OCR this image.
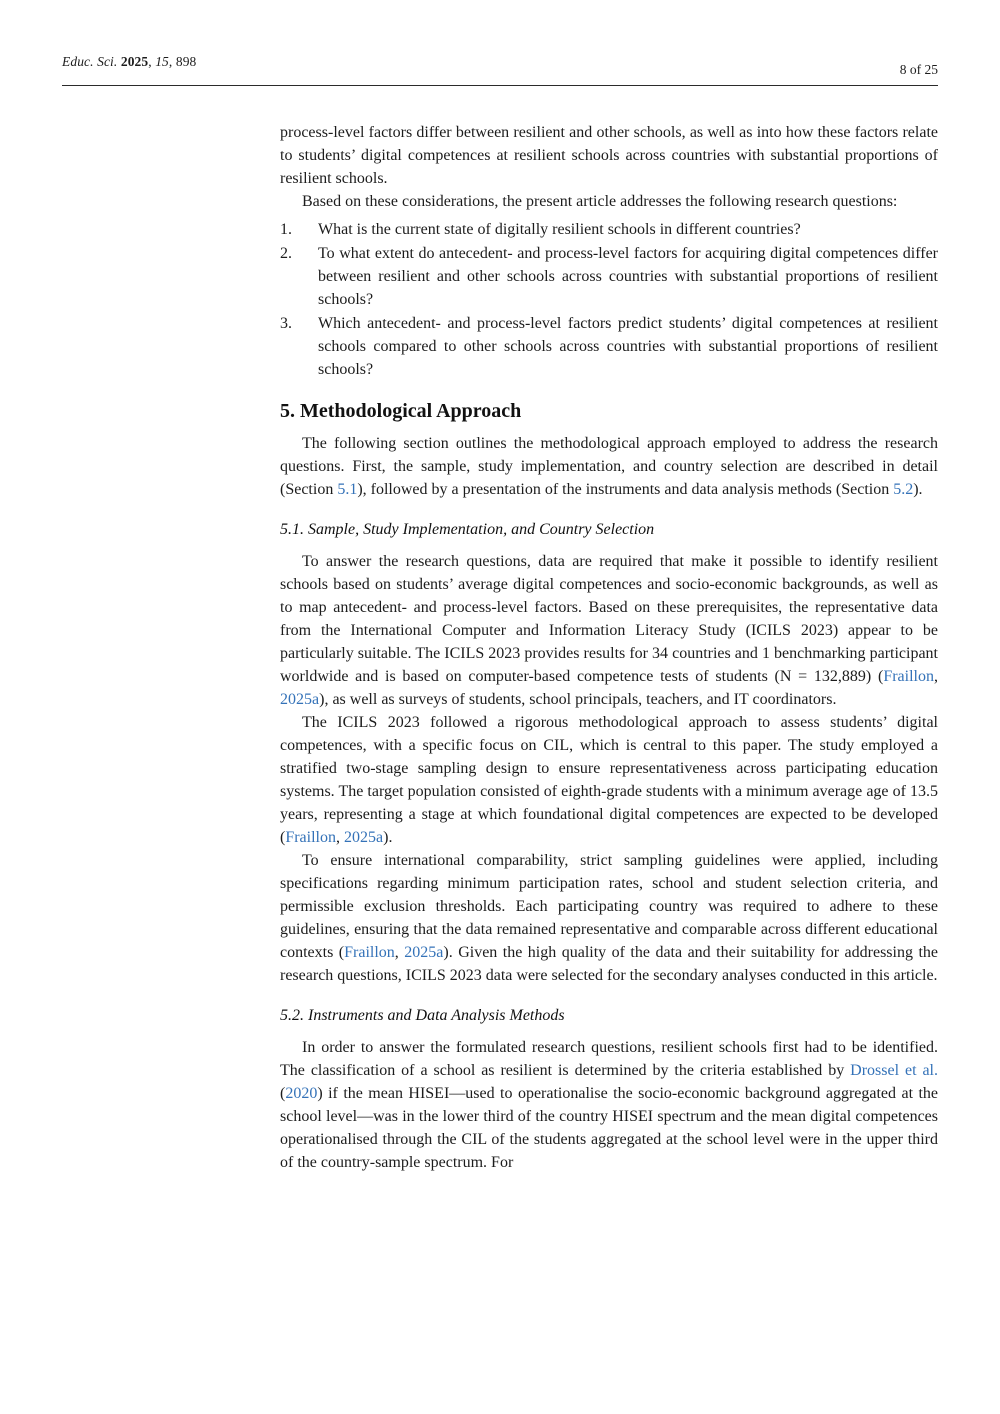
Educ. Sci. 2025, 15, 898
8 of 25

process-level factors differ between resilient and other schools, as well as into how these factors relate to students’ digital competences at resilient schools across countries with substantial proportions of resilient schools.

Based on these considerations, the present article addresses the following research questions:

1.	What is the current state of digitally resilient schools in different countries?
2.	To what extent do antecedent- and process-level factors for acquiring digital competences differ between resilient and other schools across countries with substantial proportions of resilient schools?
3.	Which antecedent- and process-level factors predict students’ digital competences at resilient schools compared to other schools across countries with substantial proportions of resilient schools?
5. Methodological Approach

The following section outlines the methodological approach employed to address the research questions. First, the sample, study implementation, and country selection are described in detail (Section 5.1), followed by a presentation of the instruments and data analysis methods (Section 5.2).

5.1. Sample, Study Implementation, and Country Selection

To answer the research questions, data are required that make it possible to identify resilient schools based on students’ average digital competences and socio-economic backgrounds, as well as to map antecedent- and process-level factors. Based on these prerequisites, the representative data from the International Computer and Information Literacy Study (ICILS 2023) appear to be particularly suitable. The ICILS 2023 provides results for 34 countries and 1 benchmarking participant worldwide and is based on computer-based competence tests of students (N = 132,889) (Fraillon, 2025a), as well as surveys of students, school principals, teachers, and IT coordinators.

The ICILS 2023 followed a rigorous methodological approach to assess students’ digital competences, with a specific focus on CIL, which is central to this paper. The study employed a stratified two-stage sampling design to ensure representativeness across participating education systems. The target population consisted of eighth-grade students with a minimum average age of 13.5 years, representing a stage at which foundational digital competences are expected to be developed (Fraillon, 2025a).

To ensure international comparability, strict sampling guidelines were applied, including specifications regarding minimum participation rates, school and student selection criteria, and permissible exclusion thresholds. Each participating country was required to adhere to these guidelines, ensuring that the data remained representative and comparable across different educational contexts (Fraillon, 2025a). Given the high quality of the data and their suitability for addressing the research questions, ICILS 2023 data were selected for the secondary analyses conducted in this article.

5.2. Instruments and Data Analysis Methods

In order to answer the formulated research questions, resilient schools first had to be identified. The classification of a school as resilient is determined by the criteria established by Drossel et al. (2020) if the mean HISEI—used to operationalise the socio-economic background aggregated at the school level—was in the lower third of the country HISEI spectrum and the mean digital competences operationalised through the CIL of the students aggregated at the school level were in the upper third of the country-sample spectrum. For
